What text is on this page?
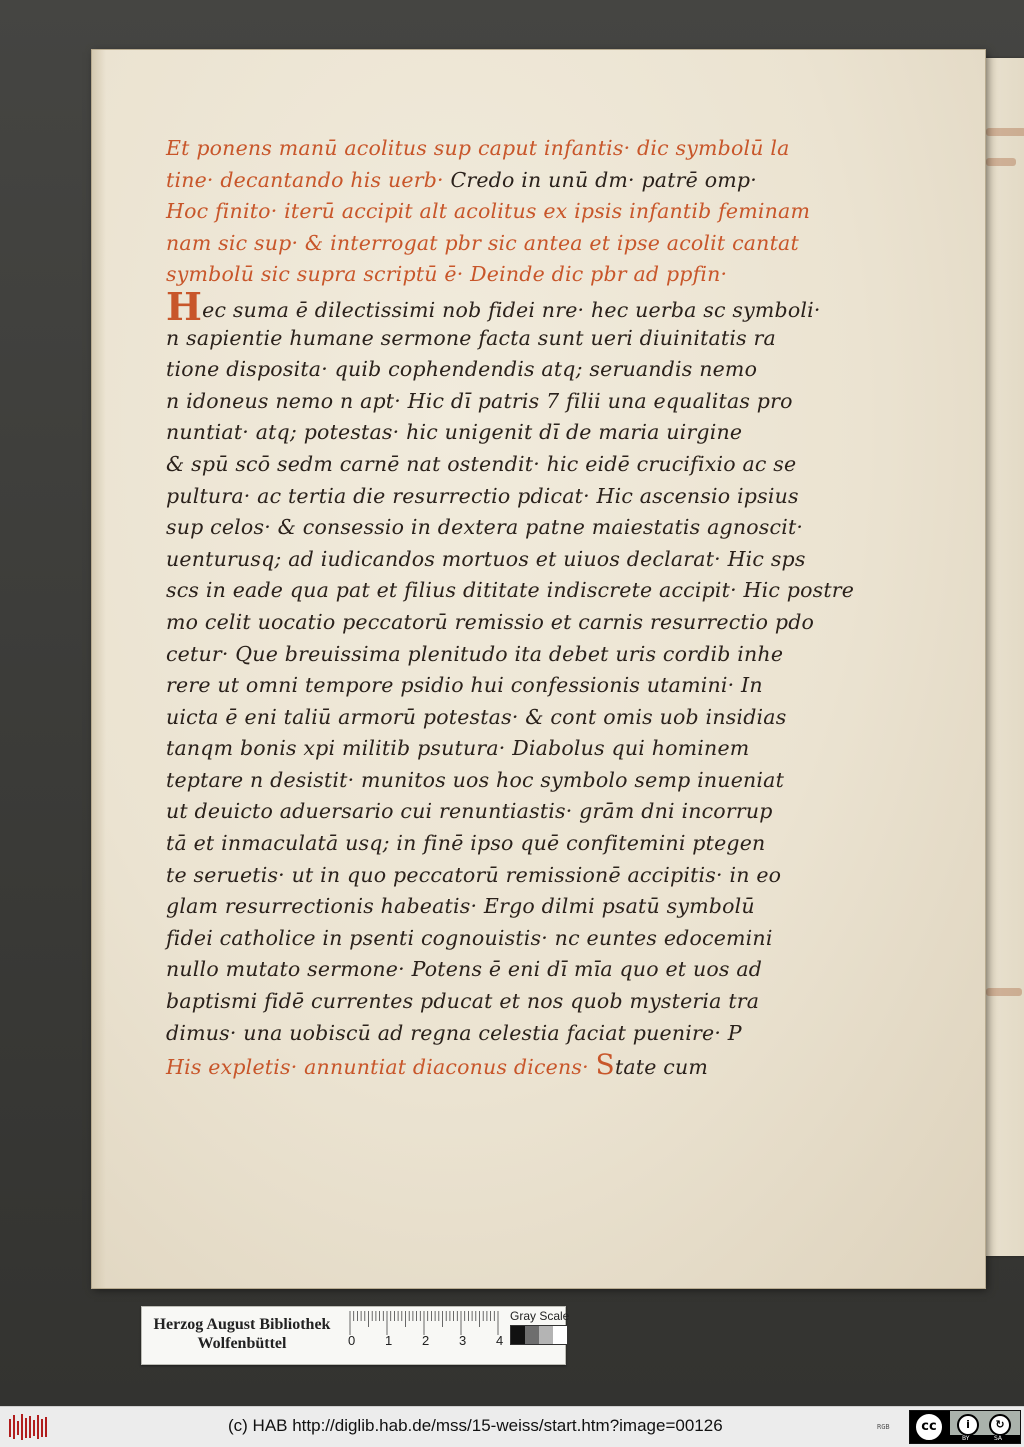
Et ponens manū acolitus sup caput infantis· dic symbolū la
tine· decantando his uerb· Credo in unū dm· patrē omp·
Hoc finito· iterū accipit alt acolitus ex ipsis infantib feminam
nam sic sup· & interrogat pbr sic antea et ipse acolit cantat
symbolū sic supra scriptū ē· Deinde dic pbr ad ppfin·
Hec suma ē dilectissimi nob fidei nre· hec uerba sc symboli·
n sapientie humane sermone facta sunt ueri diuinitatis ra
tione disposita· quib cophendendis atq; seruandis nemo
n idoneus nemo n apt· Hic dī patris 7 filii una equalitas pro
nuntiat· atq; potestas· hic unigenit dī de maria uirgine
& spū scō sedm carnē nat ostendit· hic eidē crucifixio ac se
pultura· ac tertia die resurrectio pdicat· Hic ascensio ipsius
sup celos· & consessio in dextera patne maiestatis agnoscit·
uenturusq; ad iudicandos mortuos et uiuos declarat· Hic sps
scs in eade qua pat et filius dititate indiscrete accipit· Hic postre
mo celit uocatio peccatorū remissio et carnis resurrectio pdo
cetur· Que breuissima plenitudo ita debet uris cordib inhe
rere ut omni tempore psidio hui confessionis utamini· In
uicta ē eni taliū armorū potestas· & cont omis uob insidias
tanqm bonis xpi militib psutura· Diabolus qui hominem
teptare n desistit· munitos uos hoc symbolo semp inueniat
ut deuicto aduersario cui renuntiastis· grām dni incorrup
tā et inmaculatā usq; in finē ipso quē confitemini ptegen
te seruetis· ut in quo peccatorū remissionē accipitis· in eo
glam resurrectionis habeatis· Ergo dilmi psatū symbolū
fidei catholice in psenti cognouistis· nc euntes edocemini
nullo mutato sermone· Potens ē eni dī mīa quo et uos ad
baptismi fidē currentes pducat et nos quob mysteria tra
dimus· una uobiscū ad regna celestia faciat puenire· P
His expletis· annuntiat diaconus dicens· State cum
Herzog August Bibliothek
Wolfenbüttel	0 1 2 3 4
Gray Scale
(c) HAB http://diglib.hab.de/mss/15-weiss/start.htm?image=00126	RGB	cc	i	↻
BY	SA
